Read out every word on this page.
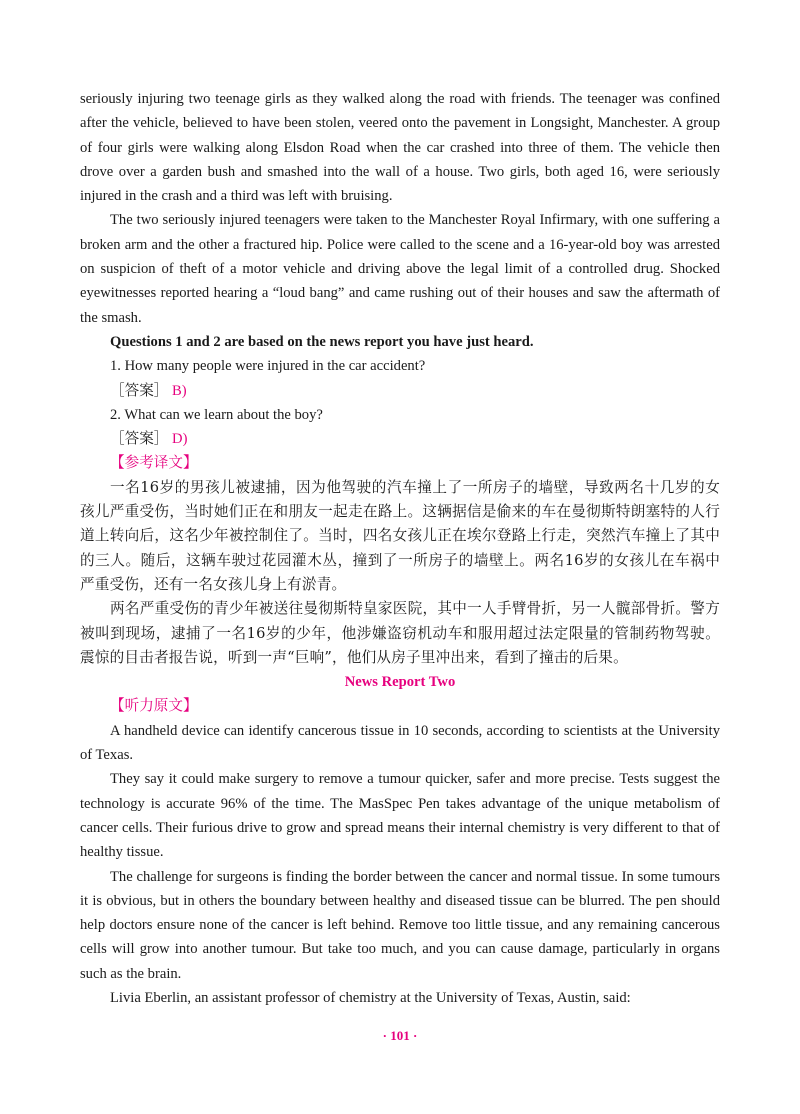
seriously injuring two teenage girls as they walked along the road with friends. The teenager was confined after the vehicle, believed to have been stolen, veered onto the pavement in Longsight, Manchester. A group of four girls were walking along Elsdon Road when the car crashed into three of them. The vehicle then drove over a garden bush and smashed into the wall of a house. Two girls, both aged 16, were seriously injured in the crash and a third was left with bruising.

The two seriously injured teenagers were taken to the Manchester Royal Infirmary, with one suffering a broken arm and the other a fractured hip. Police were called to the scene and a 16-year-old boy was arrested on suspicion of theft of a motor vehicle and driving above the legal limit of a controlled drug. Shocked eyewitnesses reported hearing a “loud bang” and came rushing out of their houses and saw the aftermath of the smash.

Questions 1 and 2 are based on the news report you have just heard.

1. How many people were injured in the car accident?

［答案］ B)

2. What can we learn about the boy?

［答案］ D)

【参考译文】

一名16岁的男孩儿被逮捕，因为他驾驶的汽车撞上了一所房子的墙壁，导致两名十几岁的女孩儿严重受伤，当时她们正在和朋友一起走在路上。这辆据信是偷来的车在曼彻斯特朗塞特的人行道上转向后，这名少年被控制住了。当时，四名女孩儿正在埃尔登路上行走，突然汽车撞上了其中的三人。随后，这辆车驶过花园灌木丛，撞到了一所房子的墙壁上。两名16岁的女孩儿在车祸中严重受伤，还有一名女孩儿身上有淤青。

两名严重受伤的青少年被送往曼彻斯特皇家医院，其中一人手臂骨折，另一人髋部骨折。警方被叫到现场，逮捕了一名16岁的少年，他涉嫌盗窃机动车和服用超过法定限量的管制药物驾驶。震惊的目击者报告说，听到一声“巨响”，他们从房子里冲出来，看到了撞击的后果。

News Report Two

【听力原文】

A handheld device can identify cancerous tissue in 10 seconds, according to scientists at the University of Texas.

They say it could make surgery to remove a tumour quicker, safer and more precise. Tests suggest the technology is accurate 96% of the time. The MasSpec Pen takes advantage of the unique metabolism of cancer cells. Their furious drive to grow and spread means their internal chemistry is very different to that of healthy tissue.

The challenge for surgeons is finding the border between the cancer and normal tissue. In some tumours it is obvious, but in others the boundary between healthy and diseased tissue can be blurred. The pen should help doctors ensure none of the cancer is left behind. Remove too little tissue, and any remaining cancerous cells will grow into another tumour. But take too much, and you can cause damage, particularly in organs such as the brain.

Livia Eberlin, an assistant professor of chemistry at the University of Texas, Austin, said:

· 101 ·
